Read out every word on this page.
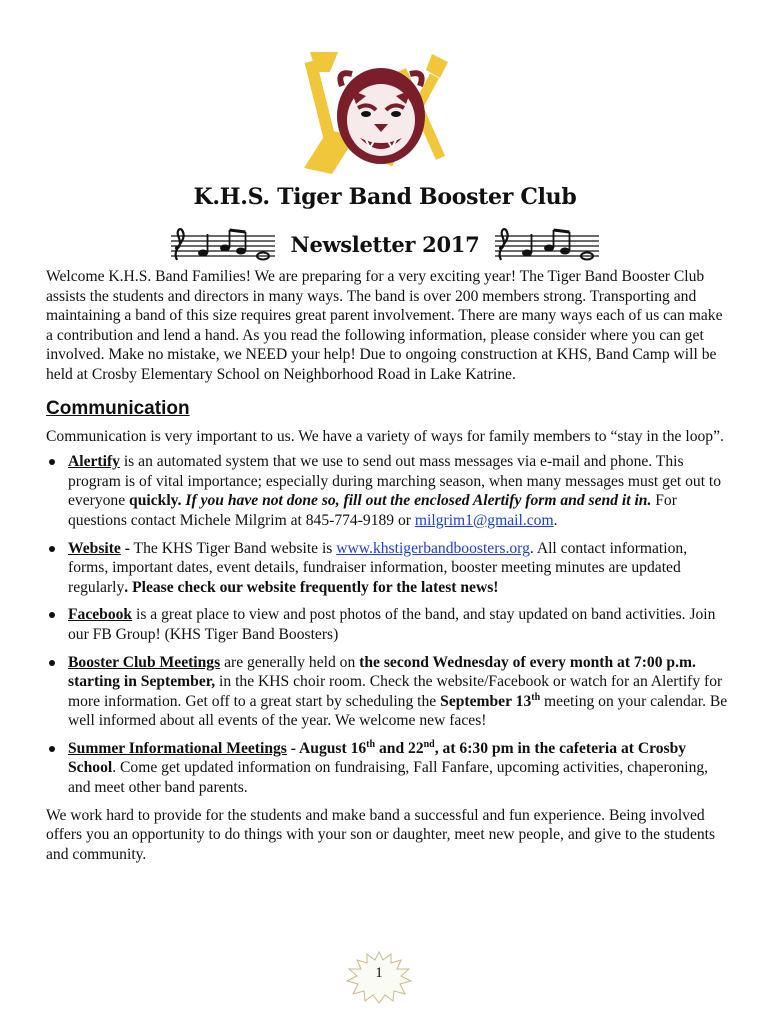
K.H.S. Tiger Band Booster Club
Newsletter 2017

Welcome K.H.S. Band Families! We are preparing for a very exciting year! The Tiger Band Booster Club assists the students and directors in many ways. The band is over 200 members strong. Transporting and maintaining a band of this size requires great parent involvement. There are many ways each of us can make a contribution and lend a hand. As you read the following information, please consider where you can get involved. Make no mistake, we NEED your help! Due to ongoing construction at KHS, Band Camp will be held at Crosby Elementary School on Neighborhood Road in Lake Katrine.

Communication

Communication is very important to us. We have a variety of ways for family members to “stay in the loop”.

Alertify is an automated system that we use to send out mass messages via e-mail and phone. This program is of vital importance; especially during marching season, when many messages must get out to everyone quickly. If you have not done so, fill out the enclosed Alertify form and send it in. For questions contact Michele Milgrim at 845-774-9189 or milgrim1@gmail.com.
Website - The KHS Tiger Band website is www.khstigerbandboosters.org. All contact information, forms, important dates, event details, fundraiser information, booster meeting minutes are updated regularly. Please check our website frequently for the latest news!
Facebook is a great place to view and post photos of the band, and stay updated on band activities. Join our FB Group! (KHS Tiger Band Boosters)
Booster Club Meetings are generally held on the second Wednesday of every month at 7:00 p.m. starting in September, in the KHS choir room. Check the website/Facebook or watch for an Alertify for more information. Get off to a great start by scheduling the September 13th meeting on your calendar. Be well informed about all events of the year. We welcome new faces!
Summer Informational Meetings - August 16th and 22nd, at 6:30 pm in the cafeteria at Crosby School. Come get updated information on fundraising, Fall Fanfare, upcoming activities, chaperoning, and meet other band parents.

We work hard to provide for the students and make band a successful and fun experience. Being involved offers you an opportunity to do things with your son or daughter, meet new people, and give to the students and community.

1
